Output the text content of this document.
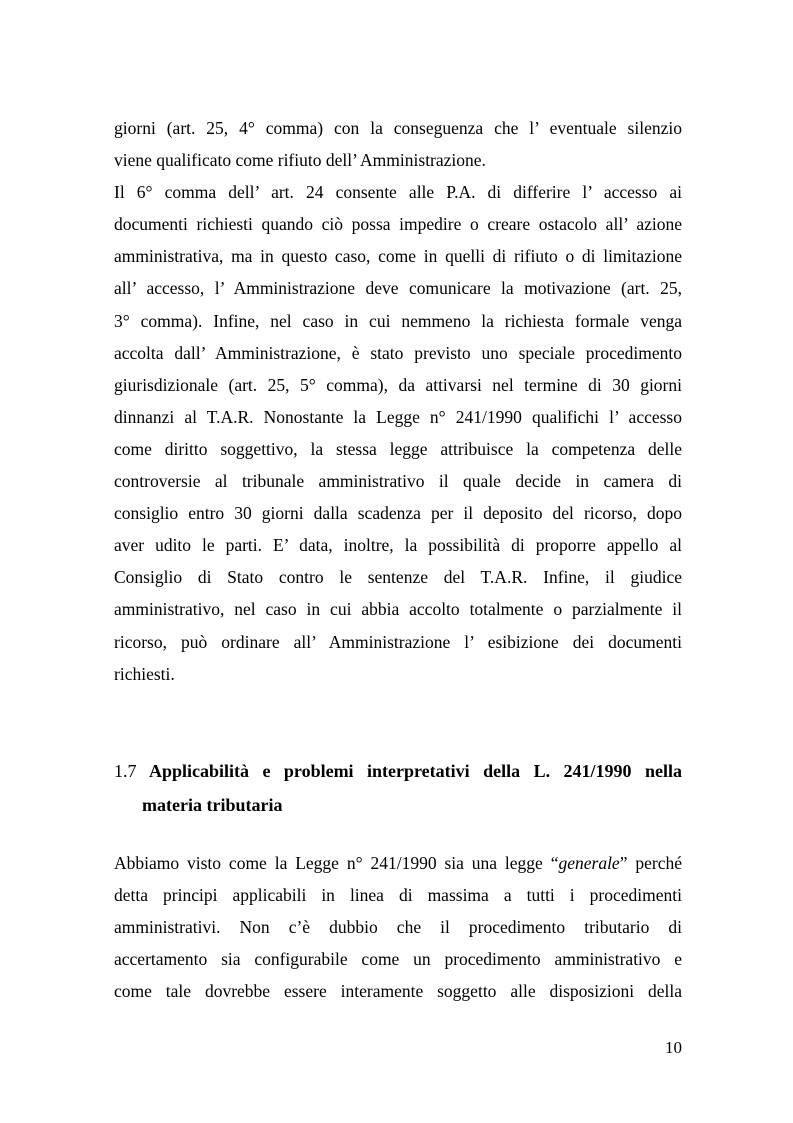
giorni (art. 25, 4° comma) con la conseguenza che l’ eventuale silenzio
viene qualificato come rifiuto dell’ Amministrazione.

Il 6° comma dell’ art. 24 consente alle P.A. di differire l’ accesso ai
documenti richiesti quando ciò possa impedire o creare ostacolo all’ azione
amministrativa, ma in questo caso, come in quelli di rifiuto o di limitazione
all’ accesso, l’ Amministrazione deve comunicare la motivazione (art. 25,
3° comma). Infine, nel caso in cui nemmeno la richiesta formale venga
accolta dall’ Amministrazione, è stato previsto uno speciale procedimento
giurisdizionale (art. 25, 5° comma), da attivarsi nel termine di 30 giorni
dinnanzi al T.A.R. Nonostante la Legge n° 241/1990 qualifichi l’ accesso
come diritto soggettivo, la stessa legge attribuisce la competenza delle
controversie al tribunale amministrativo il quale decide in camera di
consiglio entro 30 giorni dalla scadenza per il deposito del ricorso, dopo
aver udito le parti. E’ data, inoltre, la possibilità di proporre appello al
Consiglio di Stato contro le sentenze del T.A.R. Infine, il giudice
amministrativo, nel caso in cui abbia accolto totalmente o parzialmente il
ricorso, può ordinare all’ Amministrazione l’ esibizione dei documenti
richiesti.

1.7 Applicabilità e problemi interpretativi della L. 241/1990 nella
materia tributaria

Abbiamo visto come la Legge n° 241/1990 sia una legge “generale” perché
detta principi applicabili in linea di massima a tutti i procedimenti
amministrativi. Non c’è dubbio che il procedimento tributario di
accertamento sia configurabile come un procedimento amministrativo e
come tale dovrebbe essere interamente soggetto alle disposizioni della

10
